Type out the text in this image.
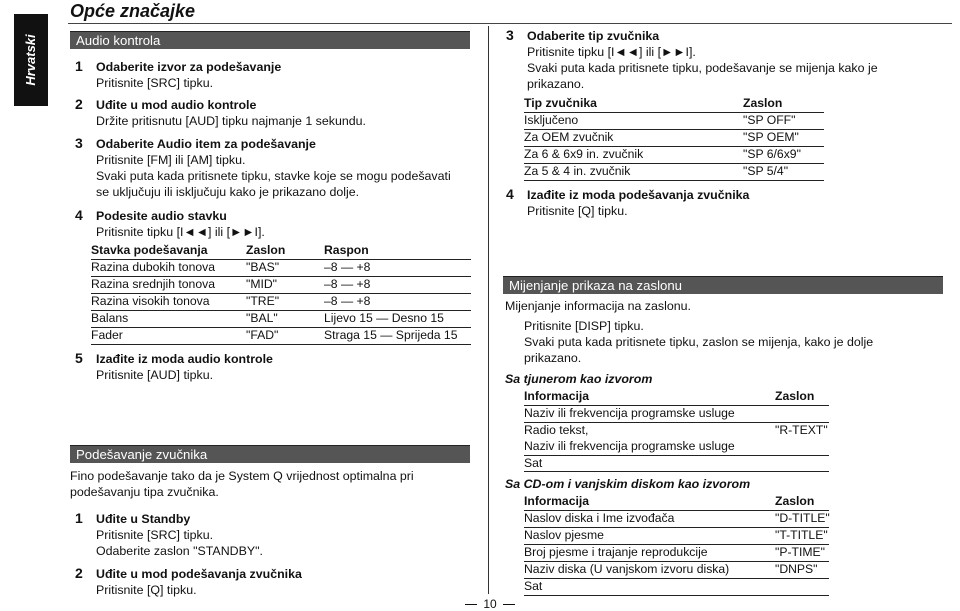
Hrvatski
Opće značajke
Audio kontrola
1 Odaberite izvor za podešavanje
Pritisnite [SRC] tipku.
2 Uđite u mod audio kontrole
Držite pritisnutu [AUD] tipku najmanje 1 sekundu.
3 Odaberite Audio item za podešavanje
Pritisnite [FM] ili [AM] tipku.
Svaki puta kada pritisnete tipku, stavke koje se mogu podešavati
se uključuju ili isključuju kako je prikazano dolje.
4 Podesite audio stavku
Pritisnite tipku [I◄◄] ili [►►I].
Stavka podešavanja	Zaslon	Raspon
Razina dubokih tonova	"BAS"	–8 — +8
Razina srednjih tonova	"MID"	–8 — +8
Razina visokih tonova	"TRE"	–8 — +8
Balans	"BAL"	Lijevo 15 — Desno 15
Fader	"FAD"	Straga 15 — Sprijeda 15
5 Izađite iz moda audio kontrole
Pritisnite [AUD] tipku.
Podešavanje zvučnika
Fino podešavanje tako da je System Q vrijednost optimalna pri
podešavanju tipa zvučnika.
1 Uđite u Standby
Pritisnite [SRC] tipku.
Odaberite zaslon "STANDBY".
2 Uđite u mod podešavanja zvučnika
Pritisnite [Q] tipku.
3 Odaberite tip zvučnika
Pritisnite tipku [I◄◄] ili [►►I].
Svaki puta kada pritisnete tipku, podešavanje se mijenja kako je
prikazano.
Tip zvučnika	Zaslon
Isključeno	"SP OFF"
Za OEM zvučnik	"SP OEM"
Za 6 & 6x9 in. zvučnik	"SP 6/6x9"
Za 5 & 4 in. zvučnik	"SP 5/4"
4 Izađite iz moda podešavanja zvučnika
Pritisnite [Q] tipku.
Mijenjanje prikaza na zaslonu
Mijenjanje informacija na zaslonu.
Pritisnite [DISP] tipku.
Svaki puta kada pritisnete tipku, zaslon se mijenja, kako je dolje
prikazano.
Sa tjunerom kao izvorom
Informacija	Zaslon
Naziv ili frekvencija programske usluge
Radio tekst,	"R-TEXT"
Naziv ili frekvencija programske usluge
Sat
Sa CD-om i vanjskim diskom kao izvorom
Informacija	Zaslon
Naslov diska i Ime izvođača	"D-TITLE"
Naslov pjesme	"T-TITLE"
Broj pjesme i trajanje reprodukcije	"P-TIME"
Naziv diska (U vanjskom izvoru diska)	"DNPS"
Sat
10
